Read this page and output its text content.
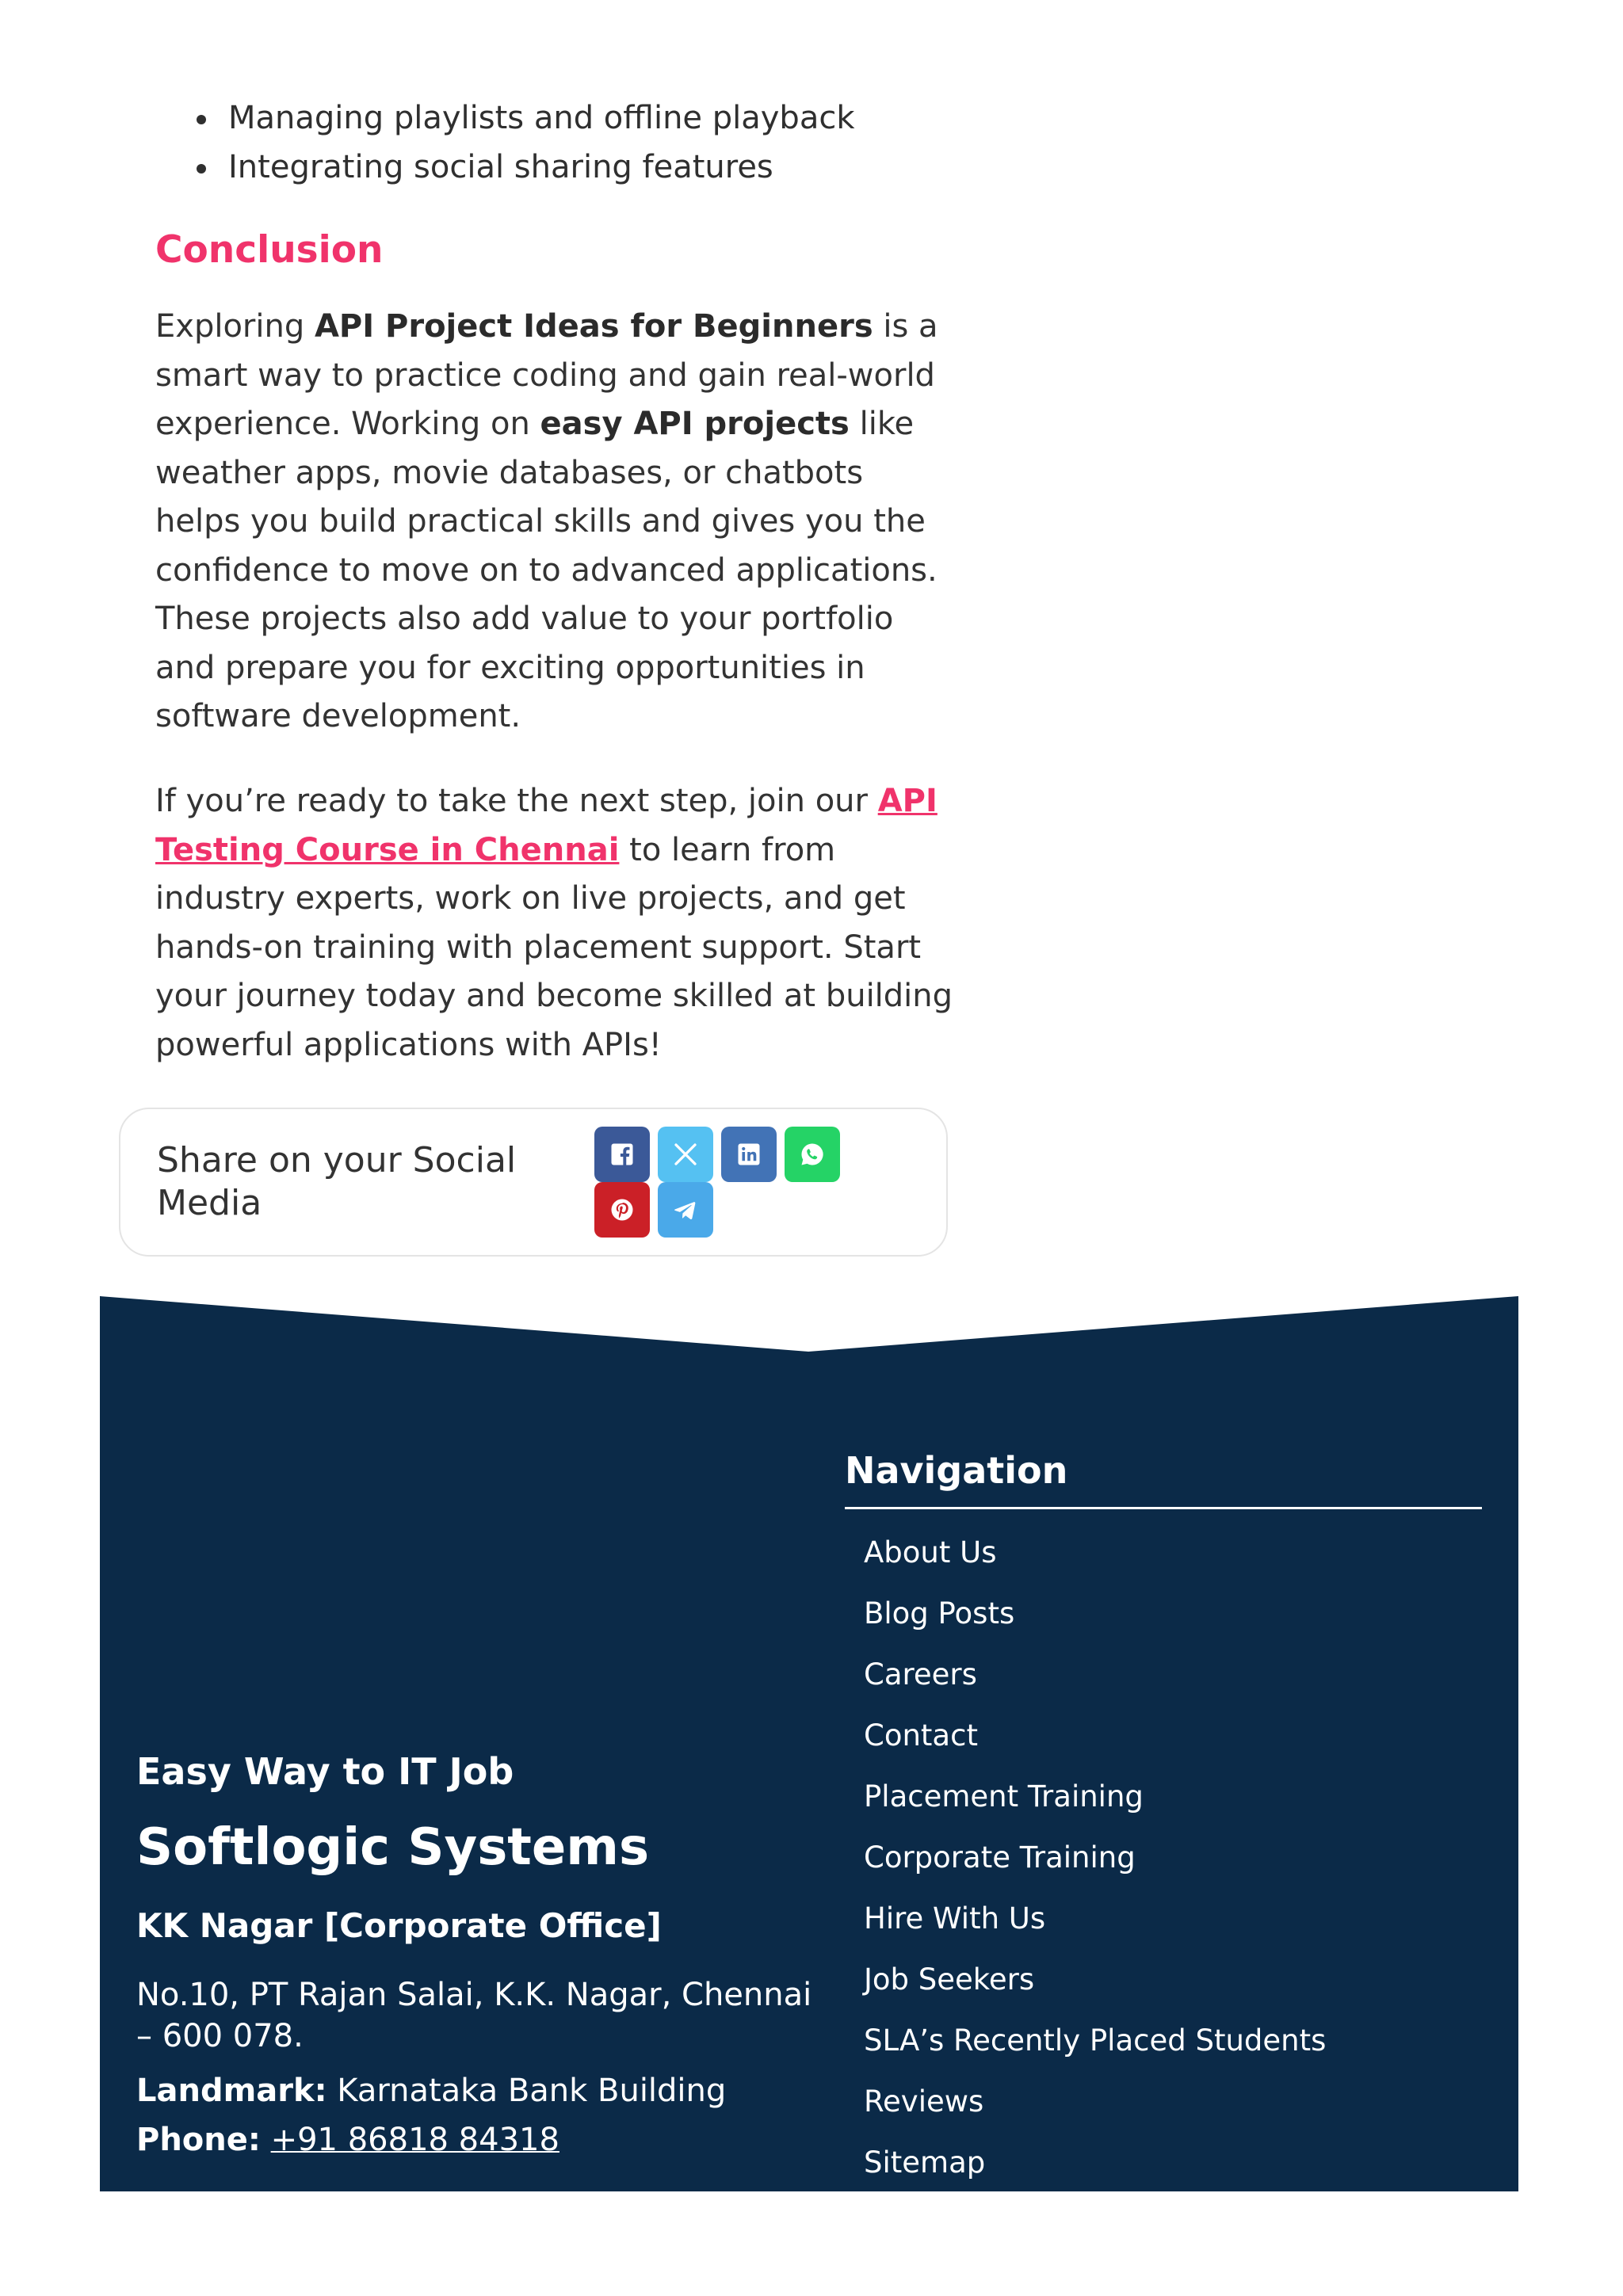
Managing playlists and offline playback
Integrating social sharing features
Conclusion

Exploring API Project Ideas for Beginners is a smart way to practice coding and gain real-world experience. Working on easy API projects like weather apps, movie databases, or chatbots helps you build practical skills and gives you the confidence to move on to advanced applications. These projects also add value to your portfolio and prepare you for exciting opportunities in software development.

If you’re ready to take the next step, join our API Testing Course in Chennai to learn from industry experts, work on live projects, and get hands-on training with placement support. Start your journey today and become skilled at building powerful applications with APIs!

Share on your Social Media

Easy Way to IT Job

Softlogic Systems

KK Nagar [Corporate Office]

No.10, PT Rajan Salai, K.K. Nagar, Chennai – 600 078.

Landmark: Karnataka Bank Building

Phone: +91 86818 84318

Navigation
About Us
Blog Posts
Careers
Contact
Placement Training
Corporate Training
Hire With Us
Job Seekers
SLA’s Recently Placed Students
Reviews
Sitemap
